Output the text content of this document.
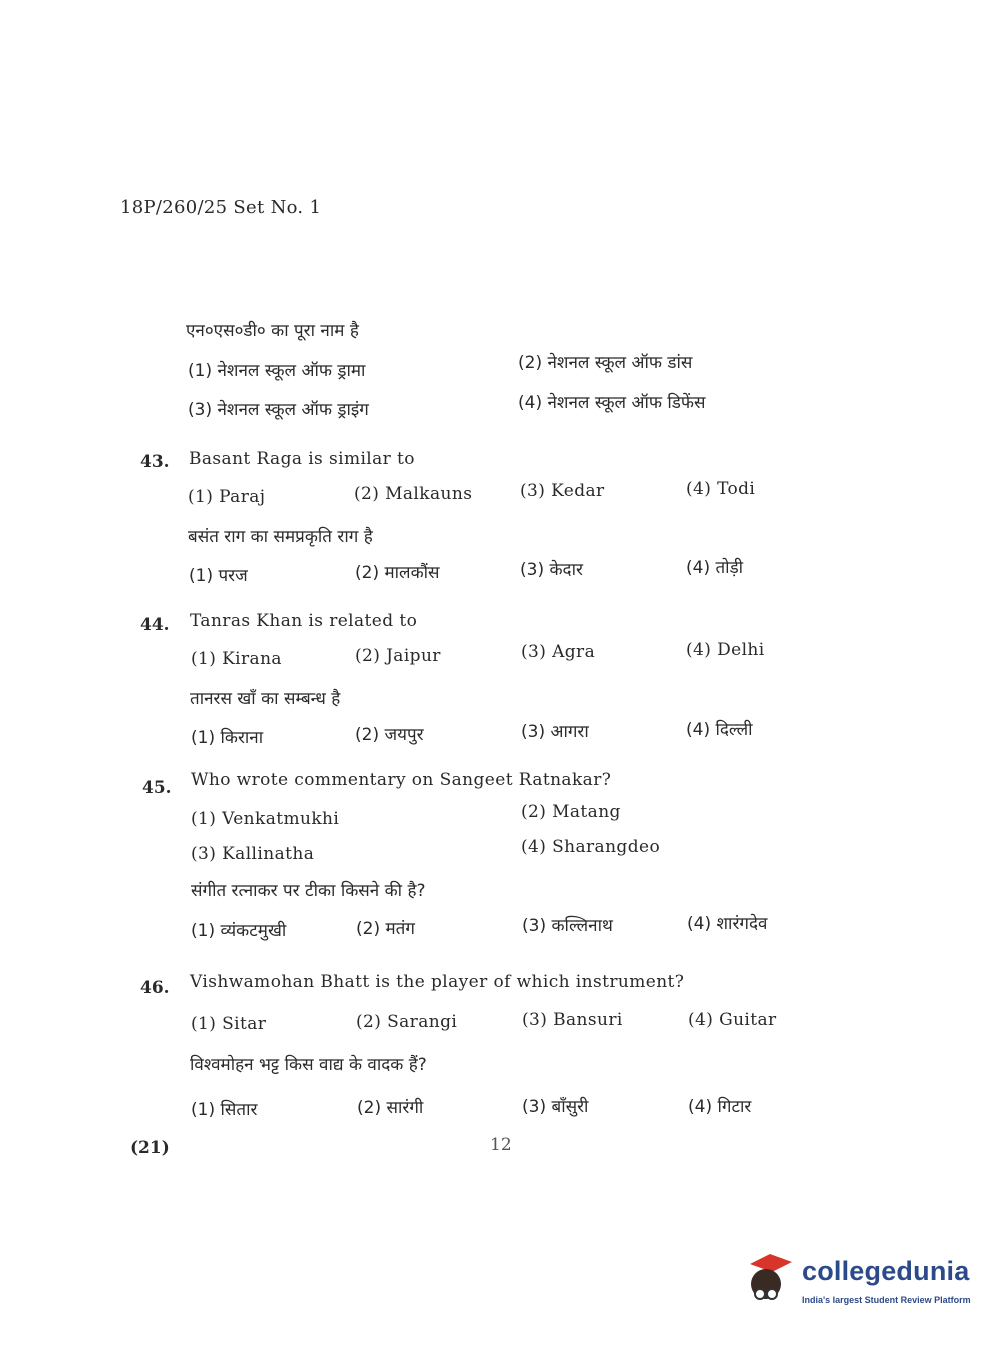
18P/260/25 Set No. 1
एन०एस०डी० का पूरा नाम है
(1) नेशनल स्कूल ऑफ ड्रामा	(2) नेशनल स्कूल ऑफ डांस
(3) नेशनल स्कूल ऑफ ड्राइंग	(4) नेशनल स्कूल ऑफ डिफेंस
43. Basant Raga is similar to
(1) Paraj	(2) Malkauns	(3) Kedar	(4) Todi
बसंत राग का समप्रकृति राग है
(1) परज	(2) मालकौंस	(3) केदार	(4) तोड़ी
44. Tanras Khan is related to
(1) Kirana	(2) Jaipur	(3) Agra	(4) Delhi
तानरस खाँ का सम्बन्ध है
(1) किराना	(2) जयपुर	(3) आगरा	(4) दिल्ली
45. Who wrote commentary on Sangeet Ratnakar?
(1) Venkatmukhi	(2) Matang
(3) Kallinatha	(4) Sharangdeo
संगीत रत्नाकर पर टीका किसने की है?
(1) व्यंकटमुखी	(2) मतंग	(3) कल्लिनाथ	(4) शारंगदेव
46. Vishwamohan Bhatt is the player of which instrument?
(1) Sitar	(2) Sarangi	(3) Bansuri	(4) Guitar
विश्वमोहन भट्ट किस वाद्य के वादक हैं?
(1) सितार	(2) सारंगी	(3) बाँसुरी	(4) गिटार
(21)	12
collegedunia
India's largest Student Review Platform
